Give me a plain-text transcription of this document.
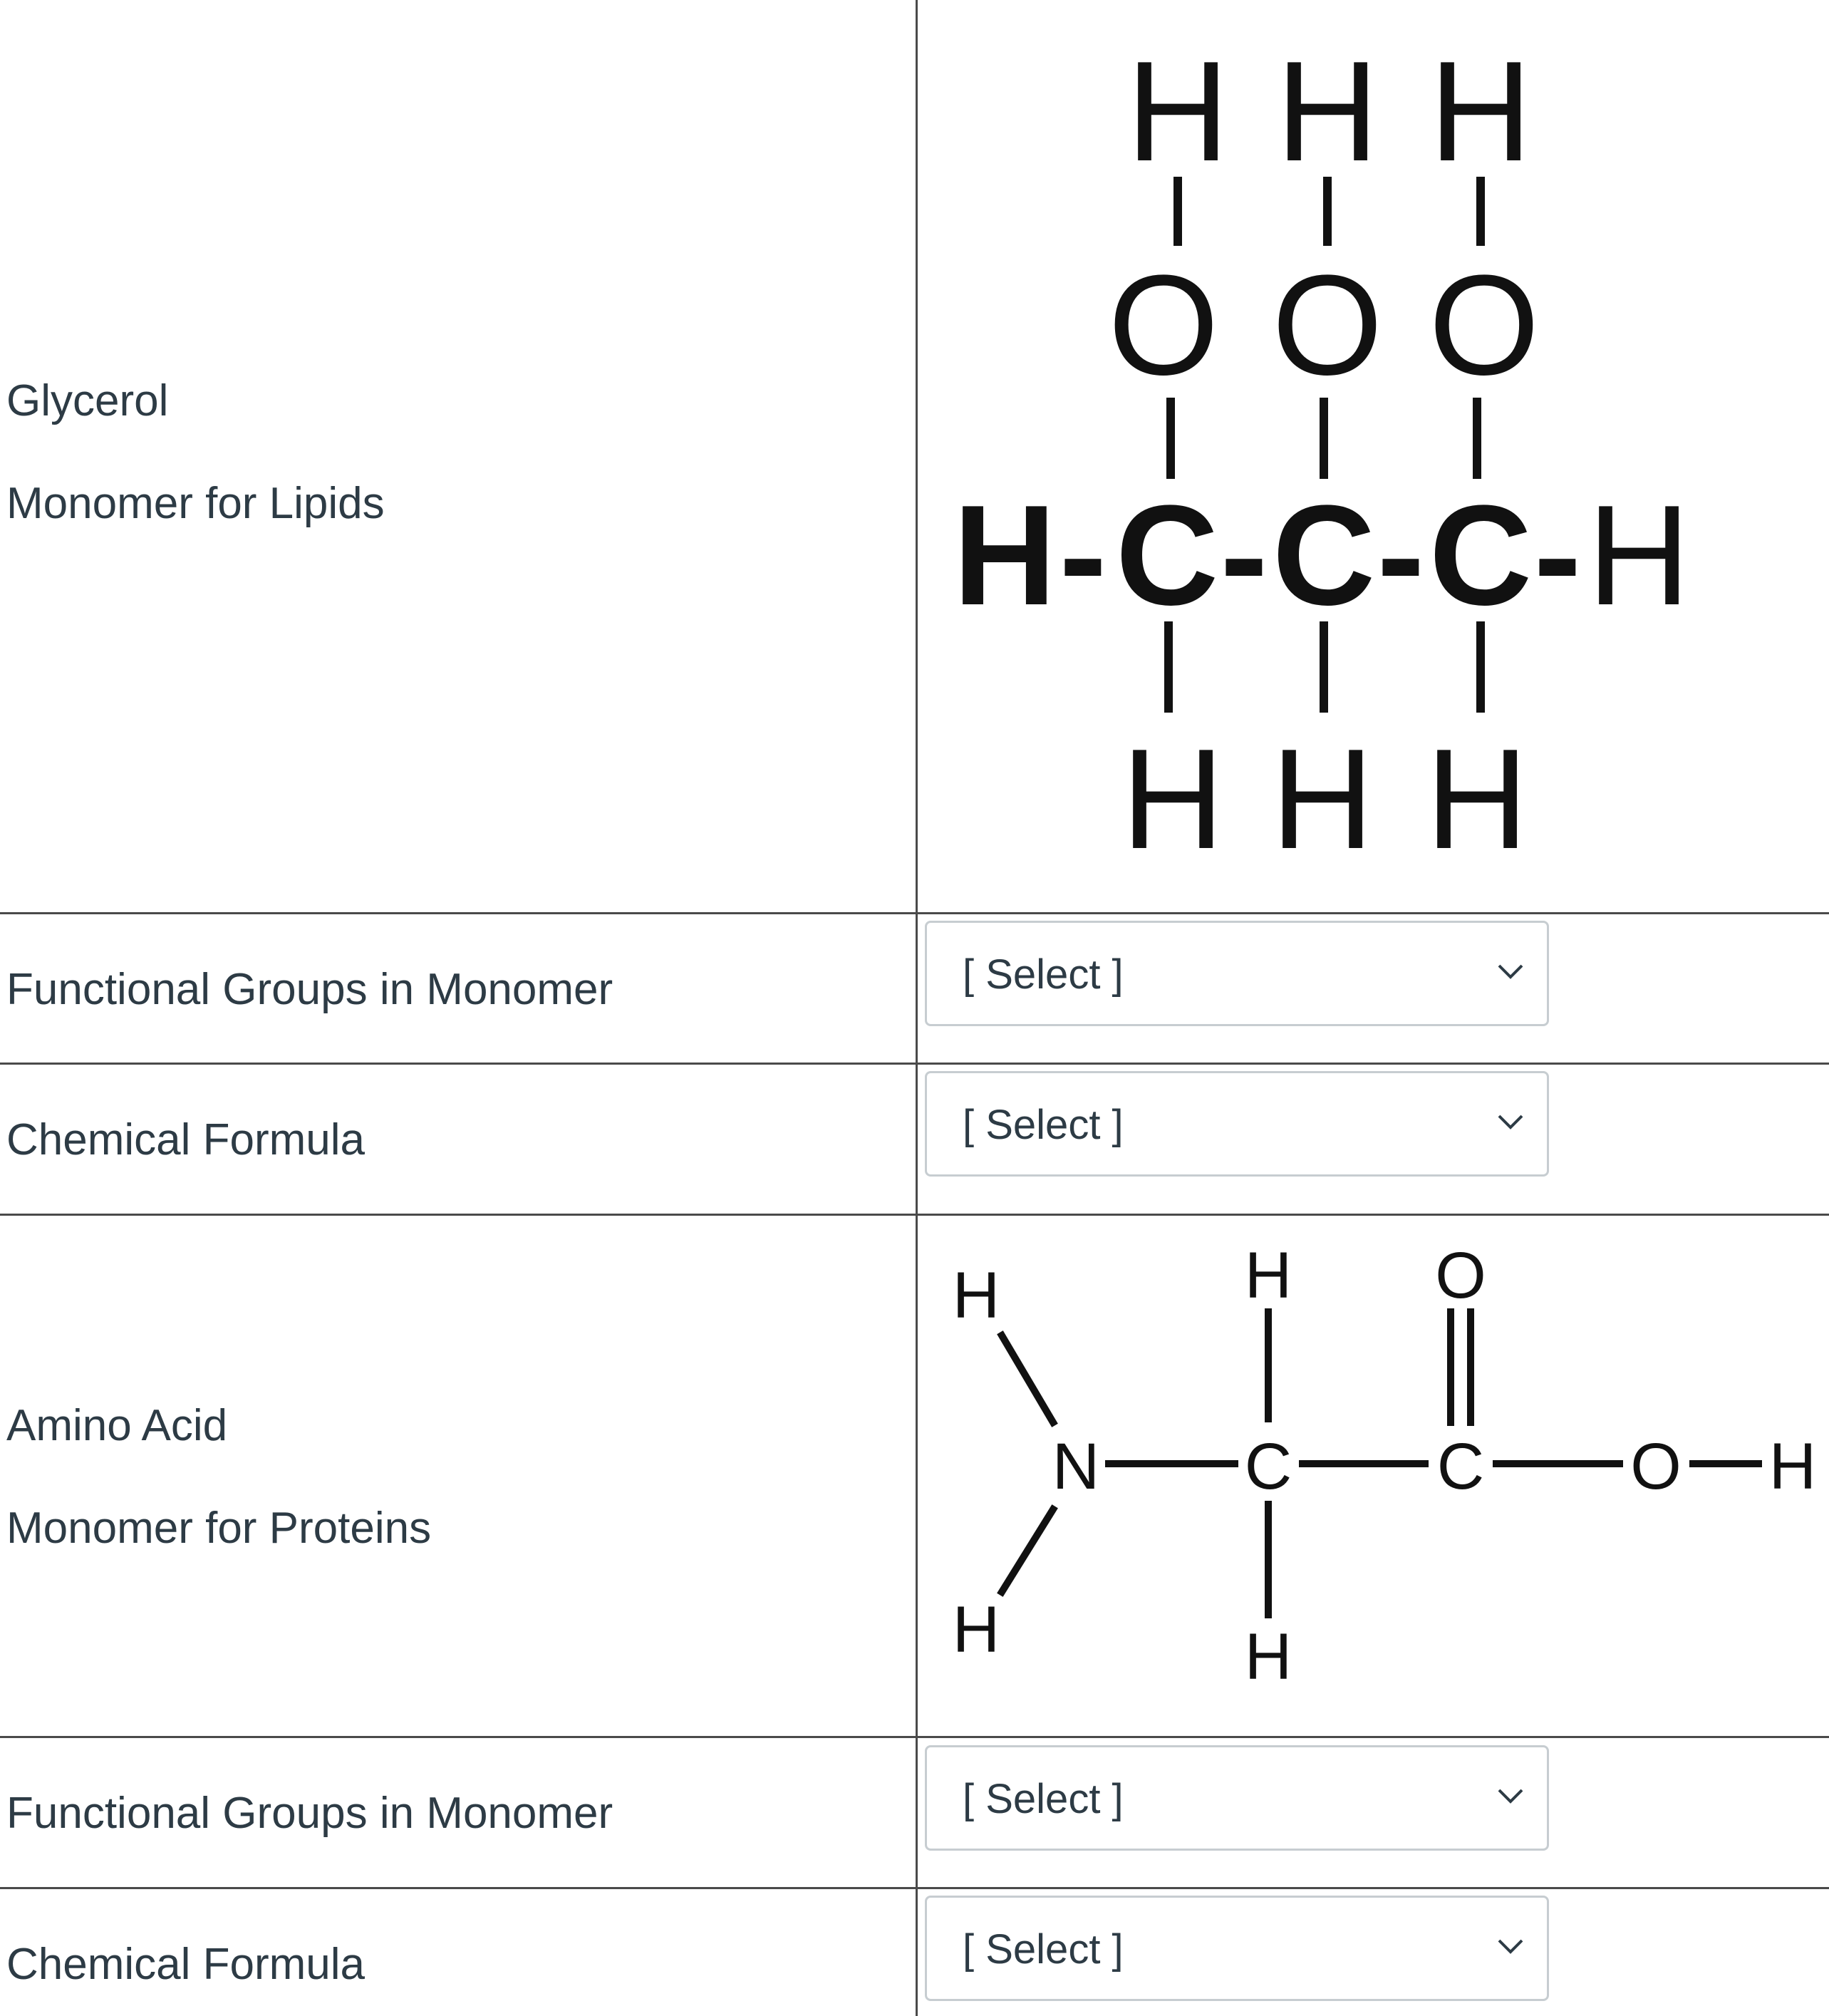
Glycerol

Monomer for Lipids

H H H
O O O
H - C - C - C - H
H H H
Functional Groups in Monomer	[ Select ]
Chemical Formula	[ Select ]

Amino Acid

Monomer for Proteins

H
H
N
H
C
H
O
C O H
Functional Groups in Monomer	[ Select ]
Chemical Formula	[ Select ]
